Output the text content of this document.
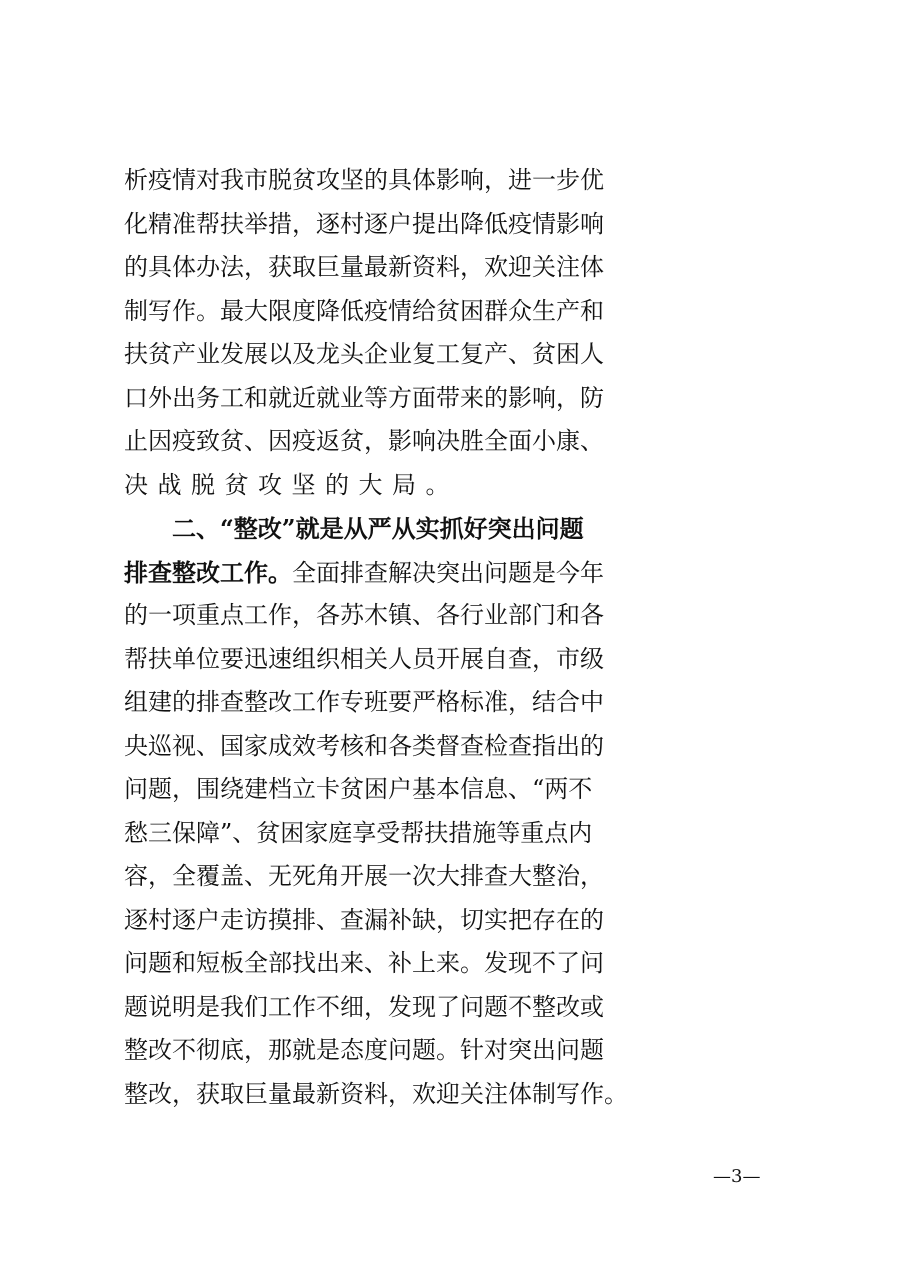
析疫情对我市脱贫攻坚的具体影响，进一步优
化精准帮扶举措，逐村逐户提出降低疫情影响
的具体办法，获取巨量最新资料，欢迎关注体
制写作。最大限度降低疫情给贫困群众生产和
扶贫产业发展以及龙头企业复工复产、贫困人
口外出务工和就近就业等方面带来的影响，防
止因疫致贫、因疫返贫，影响决胜全面小康、
决战脱贫攻坚的大局。
　　二、“整改”就是从严从实抓好突出问题
排查整改工作。全面排查解决突出问题是今年
的一项重点工作，各苏木镇、各行业部门和各
帮扶单位要迅速组织相关人员开展自查，市级
组建的排查整改工作专班要严格标准，结合中
央巡视、国家成效考核和各类督查检查指出的
问题，围绕建档立卡贫困户基本信息、“两不
愁三保障”、贫困家庭享受帮扶措施等重点内
容，全覆盖、无死角开展一次大排查大整治，
逐村逐户走访摸排、查漏补缺，切实把存在的
问题和短板全部找出来、补上来。发现不了问
题说明是我们工作不细，发现了问题不整改或
整改不彻底，那就是态度问题。针对突出问题
整改，获取巨量最新资料，欢迎关注体制写作。
—3—
